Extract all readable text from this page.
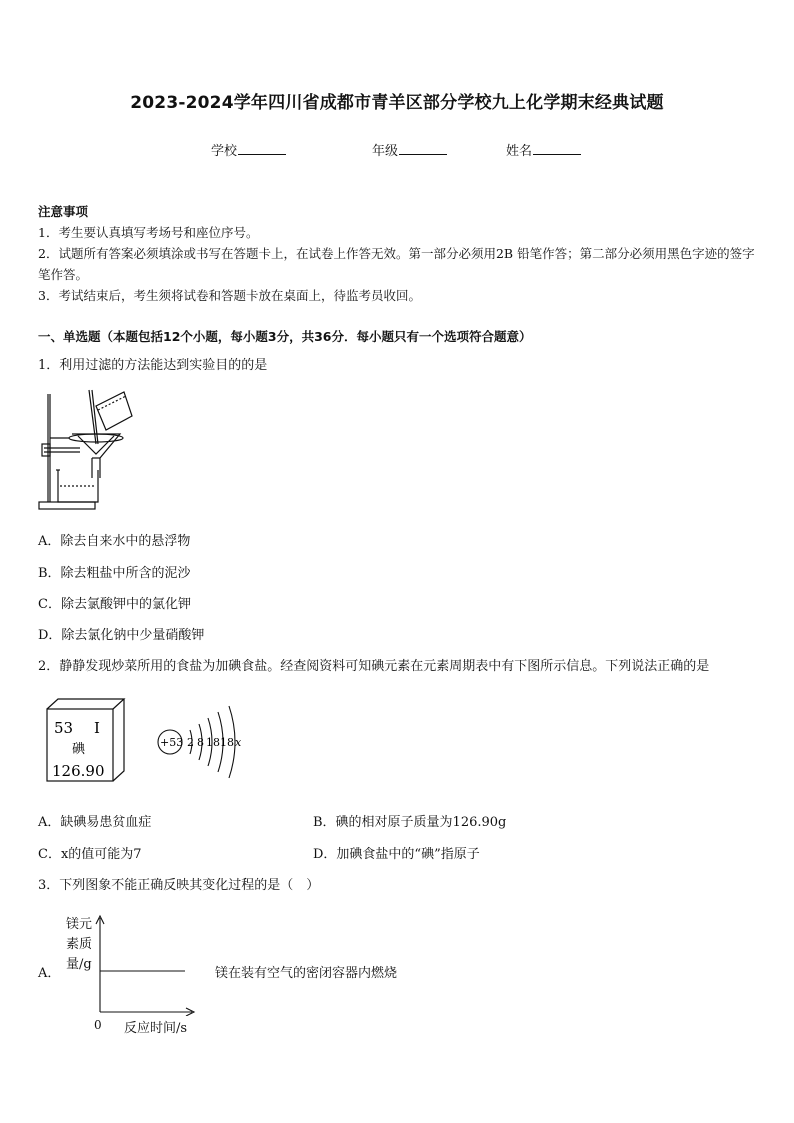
2023-2024学年四川省成都市青羊区部分学校九上化学期末经典试题
学校	年级	姓名
注意事项
1．考生要认真填写考场号和座位序号。
2．试题所有答案必须填涂或书写在答题卡上，在试卷上作答无效。第一部分必须用2B 铅笔作答；第二部分必须用黑色字迹的签字笔作答。
3．考试结束后，考生须将试卷和答题卡放在桌面上，待监考员收回。
一、单选题（本题包括12个小题，每小题3分，共36分．每小题只有一个选项符合题意）
1．利用过滤的方法能达到实验目的的是
A．除去自来水中的悬浮物
B．除去粗盐中所含的泥沙
C．除去氯酸钾中的氯化钾
D．除去氯化钠中少量硝酸钾
2．静静发现炒菜所用的食盐为加碘食盐。经查阅资料可知碘元素在元素周期表中有下图所示信息。下列说法正确的是
53 I
碘
126.90
+53 2 8 18 18 x
A．缺碘易患贫血症	B．碘的相对原子质量为126.90g
C．x的值可能为7	D．加碘食盐中的“碘”指原子
3．下列图象不能正确反映其变化过程的是（　）
A．
镁元
素质
量/g
0 反应时间/s
镁在装有空气的密闭容器内燃烧
